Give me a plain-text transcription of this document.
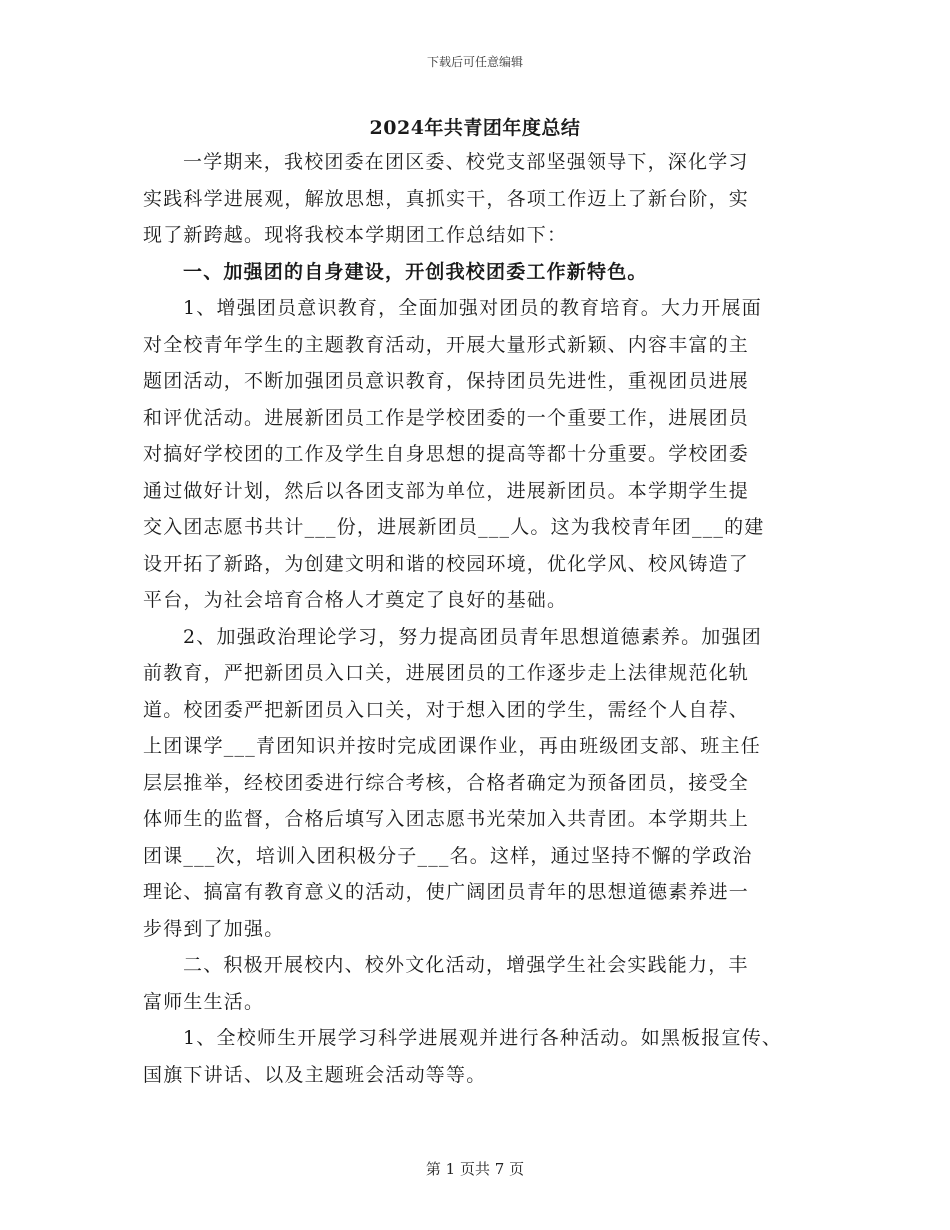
下载后可任意编辑
2024年共青团年度总结
一学期来，我校团委在团区委、校党支部坚强领导下，深化学习
实践科学进展观，解放思想，真抓实干，各项工作迈上了新台阶，实
现了新跨越。现将我校本学期团工作总结如下：
一、加强团的自身建设，开创我校团委工作新特色。
1、增强团员意识教育，全面加强对团员的教育培育。大力开展面
对全校青年学生的主题教育活动，开展大量形式新颖、内容丰富的主
题团活动，不断加强团员意识教育，保持团员先进性，重视团员进展
和评优活动。进展新团员工作是学校团委的一个重要工作，进展团员
对搞好学校团的工作及学生自身思想的提高等都十分重要。学校团委
通过做好计划，然后以各团支部为单位，进展新团员。本学期学生提
交入团志愿书共计___份，进展新团员___人。这为我校青年团___的建
设开拓了新路，为创建文明和谐的校园环境，优化学风、校风铸造了
平台，为社会培育合格人才奠定了良好的基础。
2、加强政治理论学习，努力提高团员青年思想道德素养。加强团
前教育，严把新团员入口关，进展团员的工作逐步走上法律规范化轨
道。校团委严把新团员入口关，对于想入团的学生，需经个人自荐、
上团课学___青团知识并按时完成团课作业，再由班级团支部、班主任
层层推举，经校团委进行综合考核，合格者确定为预备团员，接受全
体师生的监督，合格后填写入团志愿书光荣加入共青团。本学期共上
团课___次，培训入团积极分子___名。这样，通过坚持不懈的学政治
理论、搞富有教育意义的活动，使广阔团员青年的思想道德素养进一
步得到了加强。
二、积极开展校内、校外文化活动，增强学生社会实践能力，丰
富师生生活。
1、全校师生开展学习科学进展观并进行各种活动。如黑板报宣传、
国旗下讲话、以及主题班会活动等等。
第 1 页共 7 页
